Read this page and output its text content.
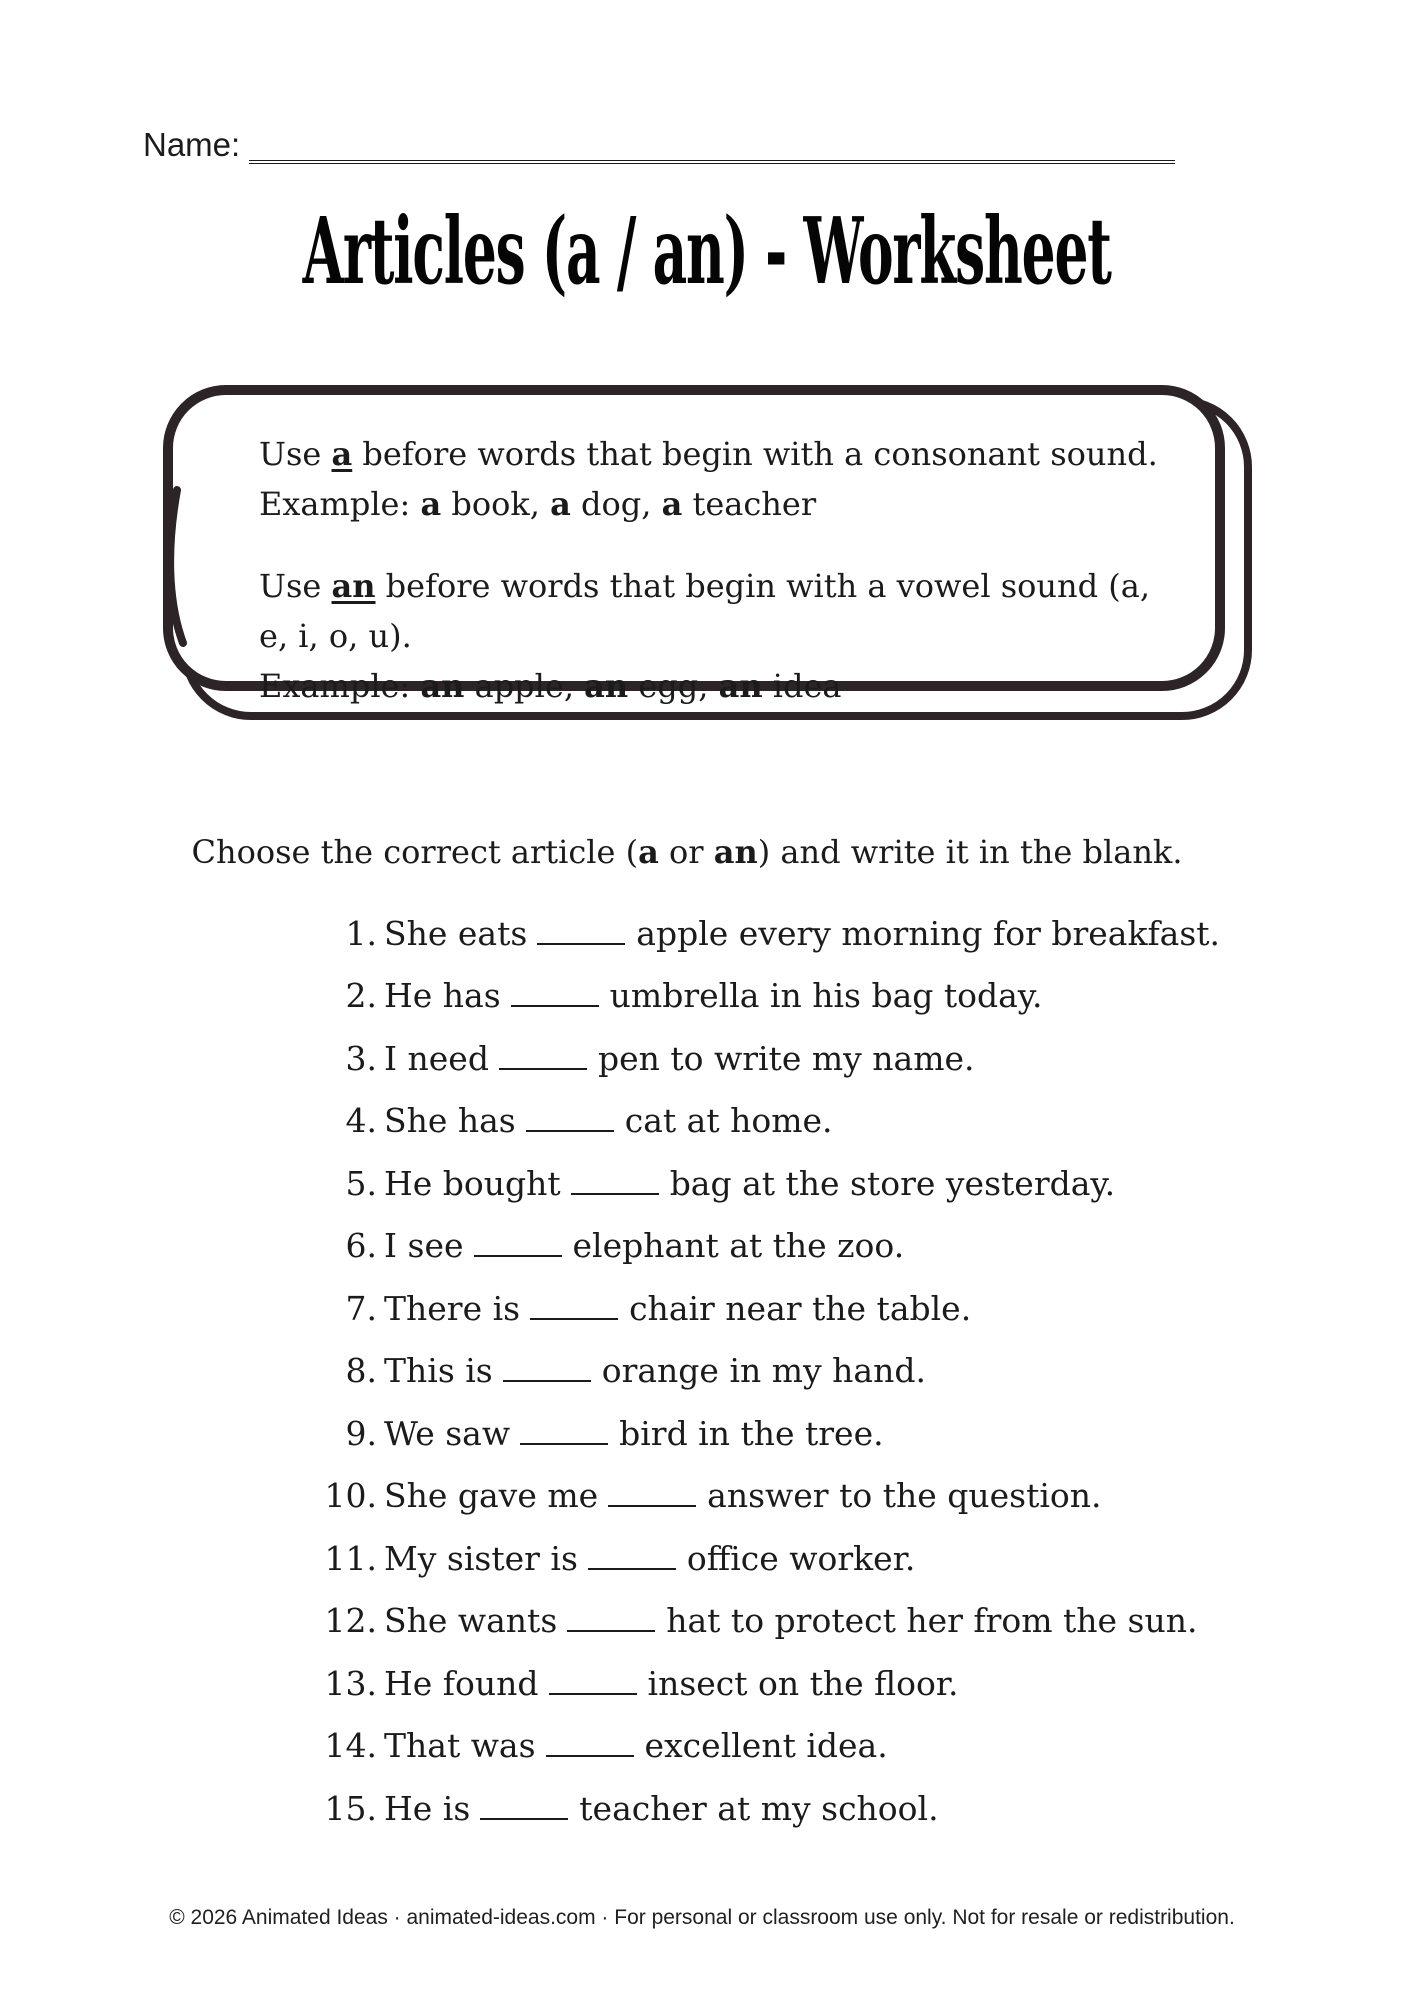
Name:
Articles (a / an) - Worksheet

Use a before words that begin with a consonant sound.

Example: a book, a dog, a teacher

Use an before words that begin with a vowel sound (a, e, i, o, u).

Example: an apple, an egg, an idea

Choose the correct article (a or an) and write it in the blank.
1. She eats	apple every morning for breakfast.
2. He has	umbrella in his bag today.
3. I need	pen to write my name.
4. She has	cat at home.
5. He bought	bag at the store yesterday.
6. I see	elephant at the zoo.
7. There is	chair near the table.
8. This is	orange in my hand.
9. We saw	bird in the tree.
10. She gave me	answer to the question.
11. My sister is	office worker.
12. She wants	hat to protect her from the sun.
13. He found	insect on the floor.
14. That was	excellent idea.
15. He is	teacher at my school.
© 2026 Animated Ideas · animated-ideas.com · For personal or classroom use only. Not for resale or redistribution.
